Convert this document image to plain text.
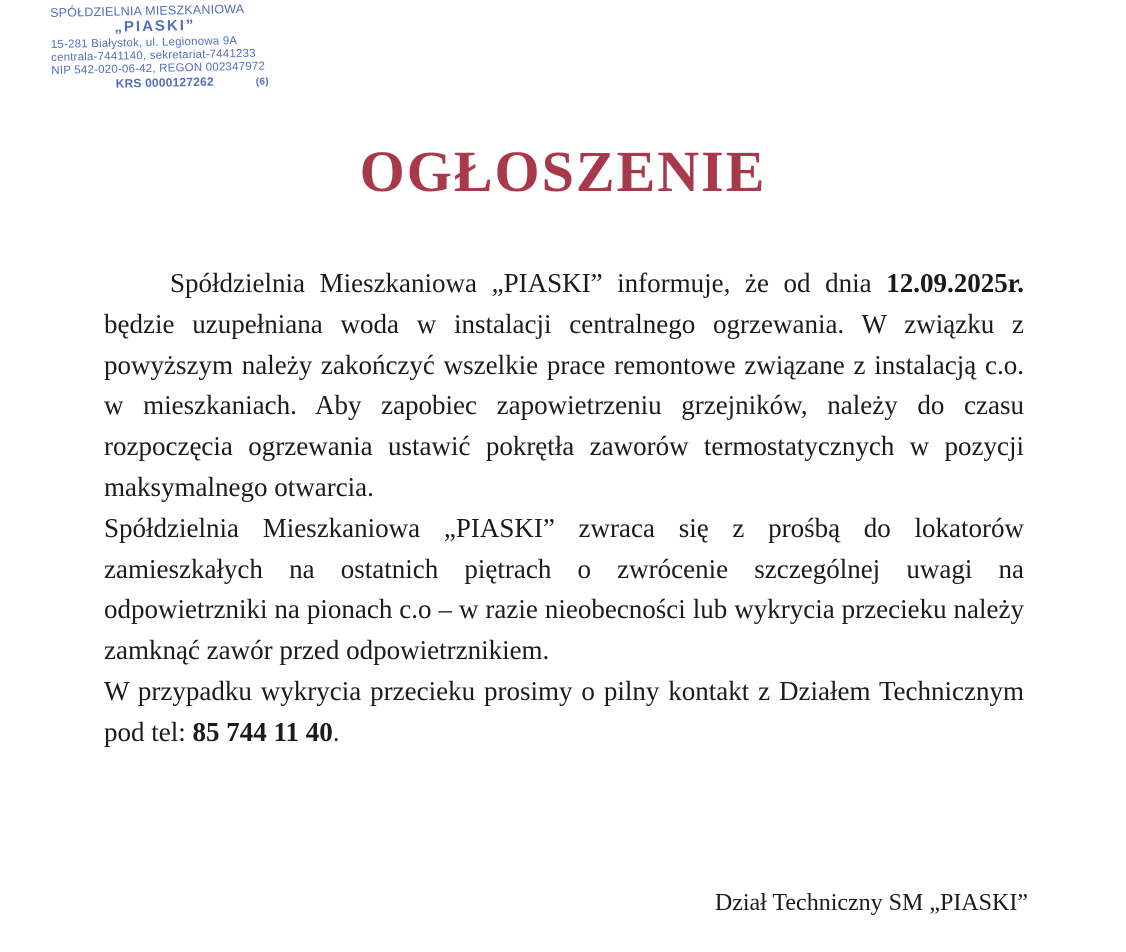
SPÓŁDZIELNIA MIESZKANIOWA
„PIASKI”
15-281 Białystok, ul. Legionowa 9A
centrala-7441140, sekretariat-7441233
NIP 542-020-06-42, REGON 002347972
KRS 0000127262	(6)
OGŁOSZENIE

Spółdzielnia Mieszkaniowa „PIASKI” informuje, że od dnia 12.09.2025r. będzie uzupełniana woda w instalacji centralnego ogrzewania. W związku z powyższym należy zakończyć wszelkie prace remontowe związane z instalacją c.o. w mieszkaniach. Aby zapobiec zapowietrzeniu grzejników, należy do czasu rozpoczęcia ogrzewania ustawić pokrętła zaworów termostatycznych w pozycji maksymalnego otwarcia.

Spółdzielnia Mieszkaniowa „PIASKI” zwraca się z prośbą do lokatorów zamieszkałych na ostatnich piętrach o zwrócenie szczególnej uwagi na odpowietrzniki na pionach c.o – w razie nieobecności lub wykrycia przecieku należy zamknąć zawór przed odpowietrznikiem.

W przypadku wykrycia przecieku prosimy o pilny kontakt z Działem Technicznym pod tel: 85 744 11 40.

Dział Techniczny SM „PIASKI”
